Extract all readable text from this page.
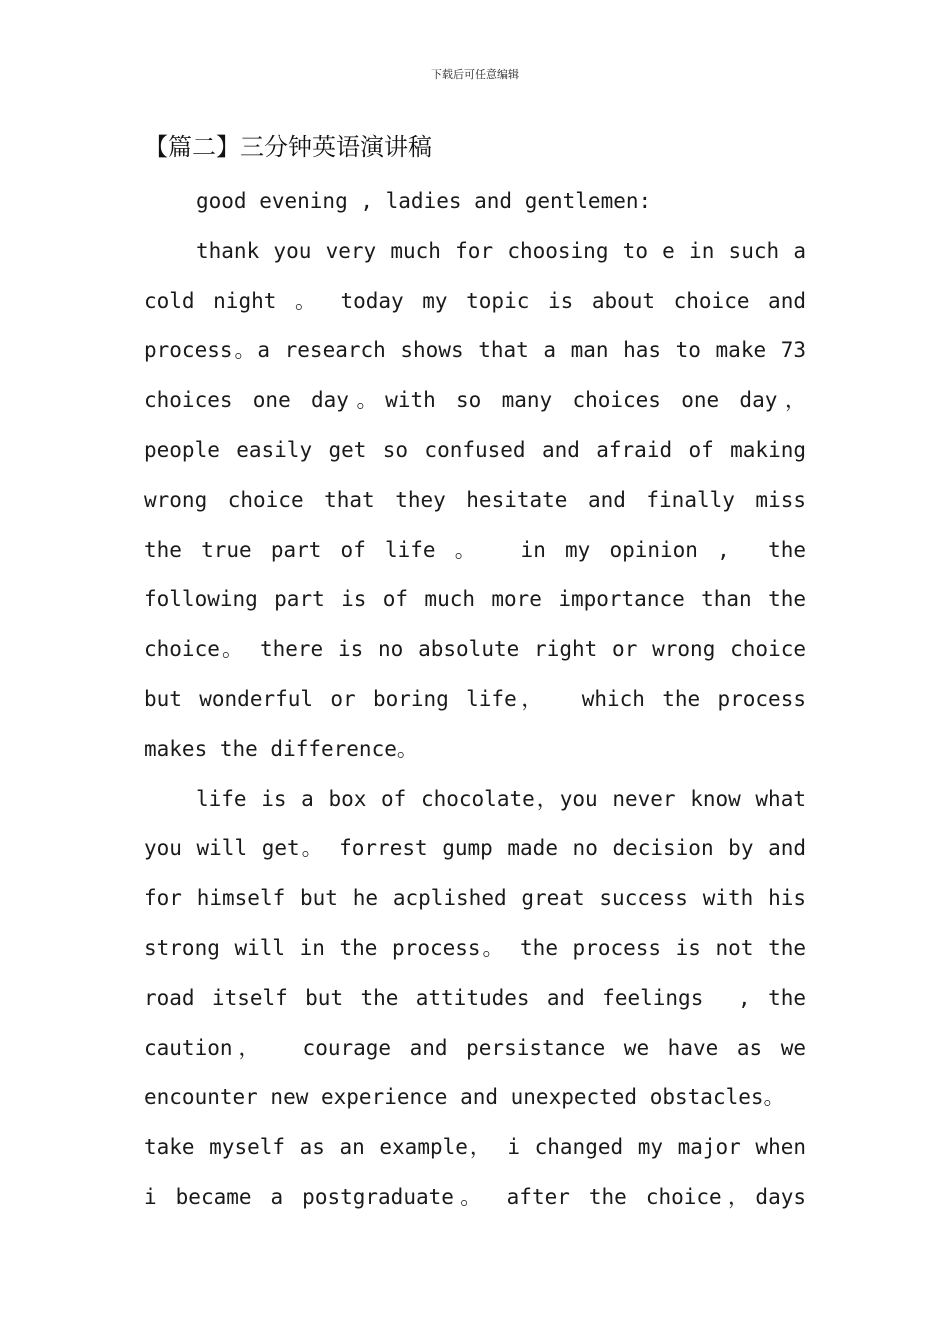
下载后可任意编辑
【篇二】三分钟英语演讲稿
good evening , ladies and gentlemen:
thank you very much for choosing to e in such a
cold night 。 today my topic is about choice and
process。a research shows that a man has to make 73
choices one day。with so many choices one day，
people easily get so confused and afraid of making
wrong choice that they hesitate and finally miss
the true part of life 。  in my opinion ,  the
following part is of much more importance than the
choice。 there is no absolute right or wrong choice
but wonderful or boring life，  which the process
makes the difference。
life is a box of chocolate，you never know what
you will get。 forrest gump made no decision by and
for himself but he acplished great success with his
strong will in the process。 the process is not the
road itself but the attitudes and feelings  , the
caution，  courage and persistance we have as we
encounter new experience and unexpected obstacles。
take myself as an example， i changed my major when
i became a postgraduate。 after the choice，days
